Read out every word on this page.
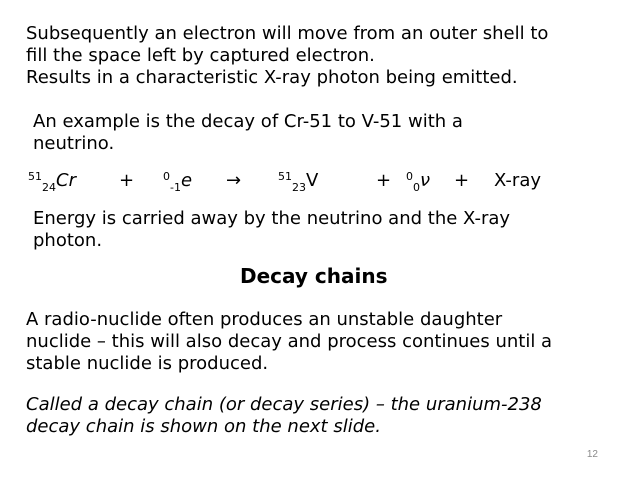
Subsequently an electron will move from an outer shell to
fill the space left by captured electron.
Results in a characteristic X-ray photon being emitted.
An example is the decay of Cr-51 to V-51 with a
neutrino.
$^{51}_{24}$Cr +	$^0_{-1}$e →	$^{51}_{23}$V	+ $^0_0$ν + X-ray
Energy is carried away by the neutrino and the X-ray
photon.
Decay chains
A radio-nuclide often produces an unstable daughter
nuclide – this will also decay and process continues until a
stable nuclide is produced.
Called a decay chain (or decay series) – the uranium-238
decay chain is shown on the next slide.
12
